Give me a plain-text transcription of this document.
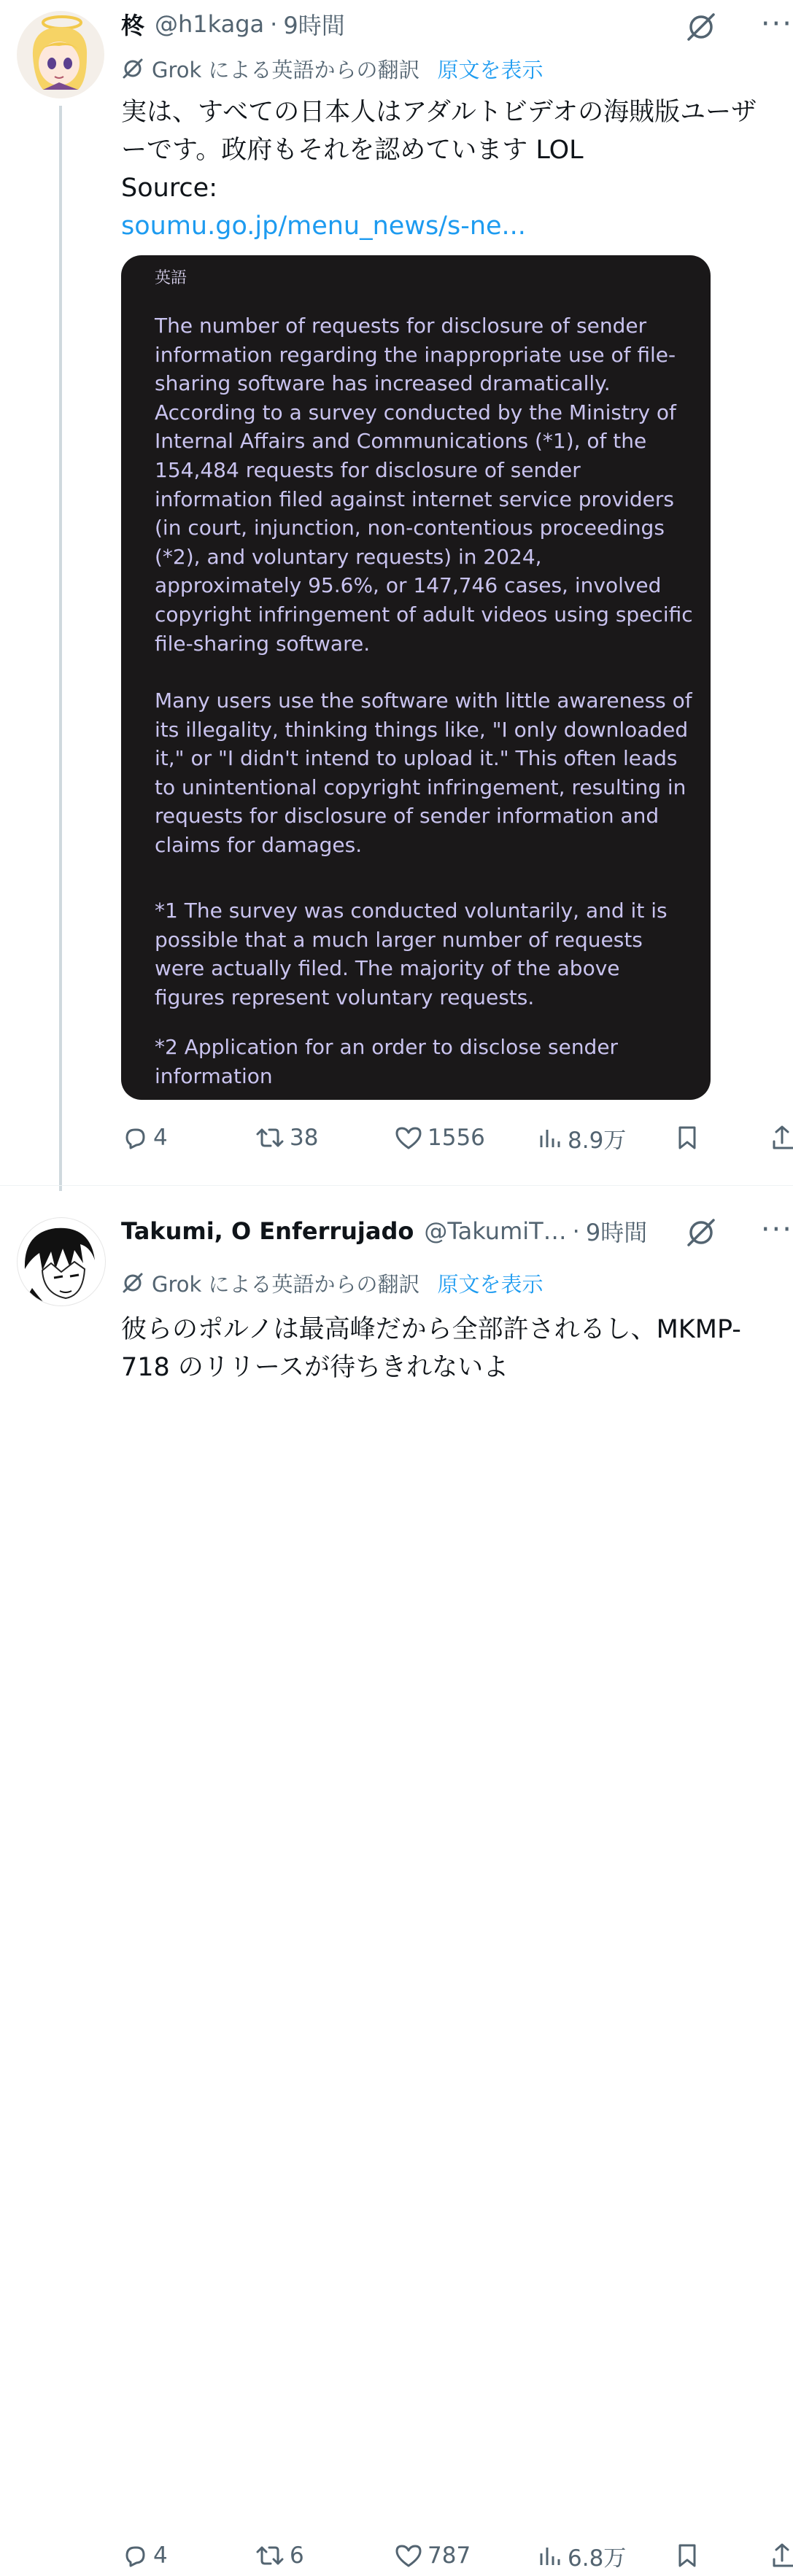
柊 @h1kaga · 9時間	···
Grok による英語からの翻訳 原文を表示
実は、すべての日本人はアダルトビデオの海賊版ユーザーです。政府もそれを認めています LOL
Source:
soumu.go.jp/menu_news/s-ne...
英語
The number of requests for disclosure of sender information regarding the inappropriate use of file-sharing software has increased dramatically. According to a survey conducted by the Ministry of Internal Affairs and Communications (*1), of the 154,484 requests for disclosure of sender information filed against internet service providers (in court, injunction, non-contentious proceedings (*2), and voluntary requests) in 2024, approximately 95.6%, or 147,746 cases, involved copyright infringement of adult videos using specific file-sharing software.
Many users use the software with little awareness of its illegality, thinking things like, "I only downloaded it," or "I didn't intend to upload it." This often leads to unintentional copyright infringement, resulting in requests for disclosure of sender information and claims for damages.
*1 The survey was conducted voluntarily, and it is possible that a much larger number of requests were actually filed. The majority of the above figures represent voluntary requests.
*2 Application for an order to disclose sender information
4	38	1556	8.9万
Takumi, O Enferrujado @TakumiT… · 9時間	···
Grok による英語からの翻訳 原文を表示
彼らのポルノは最高峰だから全部許されるし、MKMP-718 のリリースが待ちきれないよ
4	6	787	6.8万
